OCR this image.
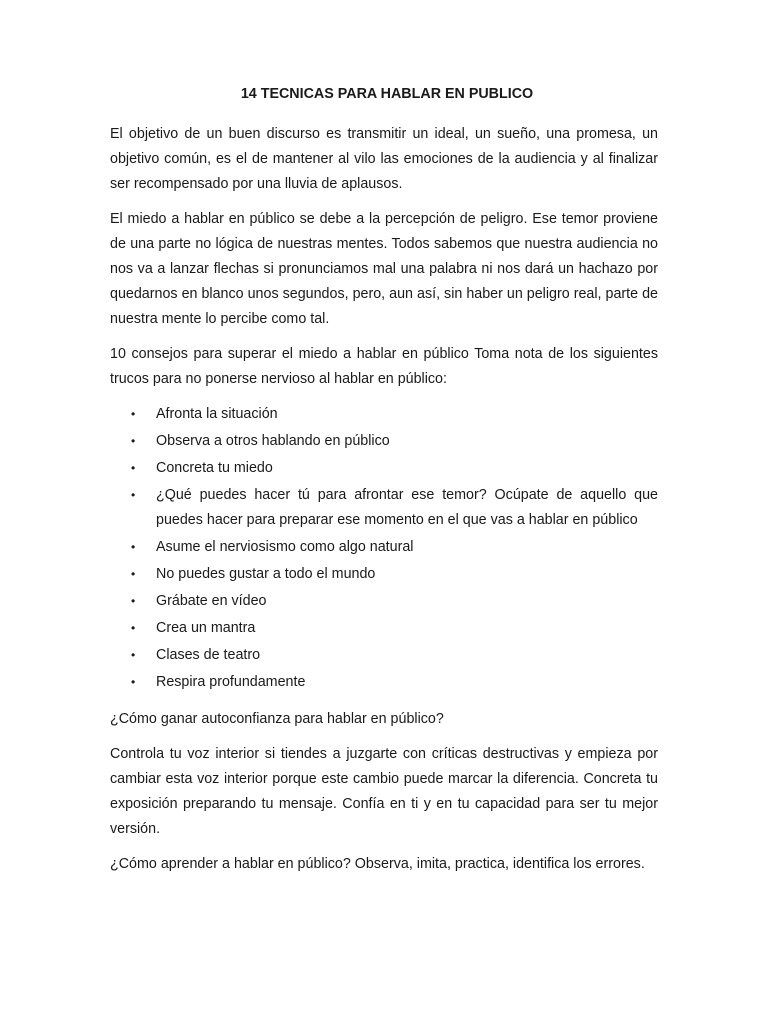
14 TECNICAS PARA HABLAR EN PUBLICO

El objetivo de un buen discurso es transmitir un ideal, un sueño, una promesa, un objetivo común, es el de mantener al vilo las emociones de la audiencia y al finalizar ser recompensado por una lluvia de aplausos.

El miedo a hablar en público se debe a la percepción de peligro. Ese temor proviene de una parte no lógica de nuestras mentes. Todos sabemos que nuestra audiencia no nos va a lanzar flechas si pronunciamos mal una palabra ni nos dará un hachazo por quedarnos en blanco unos segundos, pero, aun así, sin haber un peligro real, parte de nuestra mente lo percibe como tal.

10 consejos para superar el miedo a hablar en público Toma nota de los siguientes trucos para no ponerse nervioso al hablar en público:

• Afronta la situación
• Observa a otros hablando en público
• Concreta tu miedo
• ¿Qué puedes hacer tú para afrontar ese temor? Ocúpate de aquello que puedes hacer para preparar ese momento en el que vas a hablar en público
• Asume el nerviosismo como algo natural
• No puedes gustar a todo el mundo
• Grábate en vídeo
• Crea un mantra
• Clases de teatro
• Respira profundamente

¿Cómo ganar autoconfianza para hablar en público?

Controla tu voz interior si tiendes a juzgarte con críticas destructivas y empieza por cambiar esta voz interior porque este cambio puede marcar la diferencia. Concreta tu exposición preparando tu mensaje. Confía en ti y en tu capacidad para ser tu mejor versión.

¿Cómo aprender a hablar en público? Observa, imita, practica, identifica los errores.
